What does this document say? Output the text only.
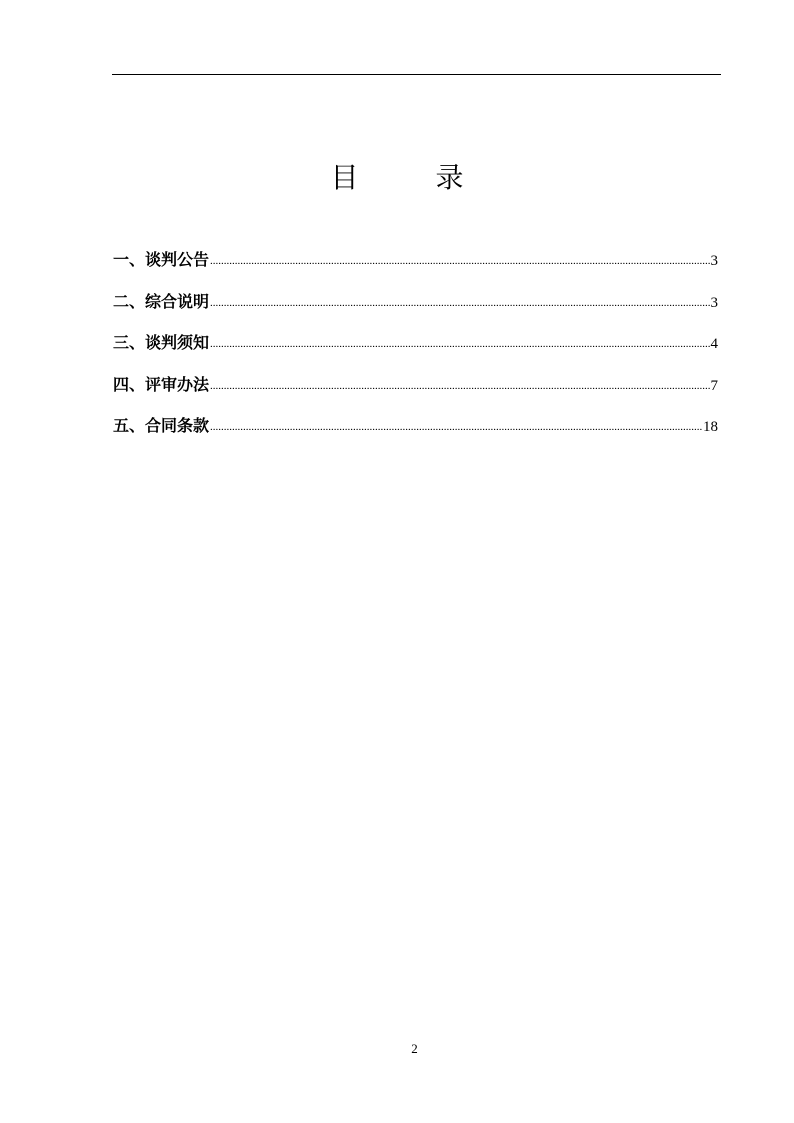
目 录
一、谈判公告 .....	3
二、综合说明 .....	3
三、谈判须知 .....	4
四、评审办法 .....	7
五、合同条款 .....	18
2
